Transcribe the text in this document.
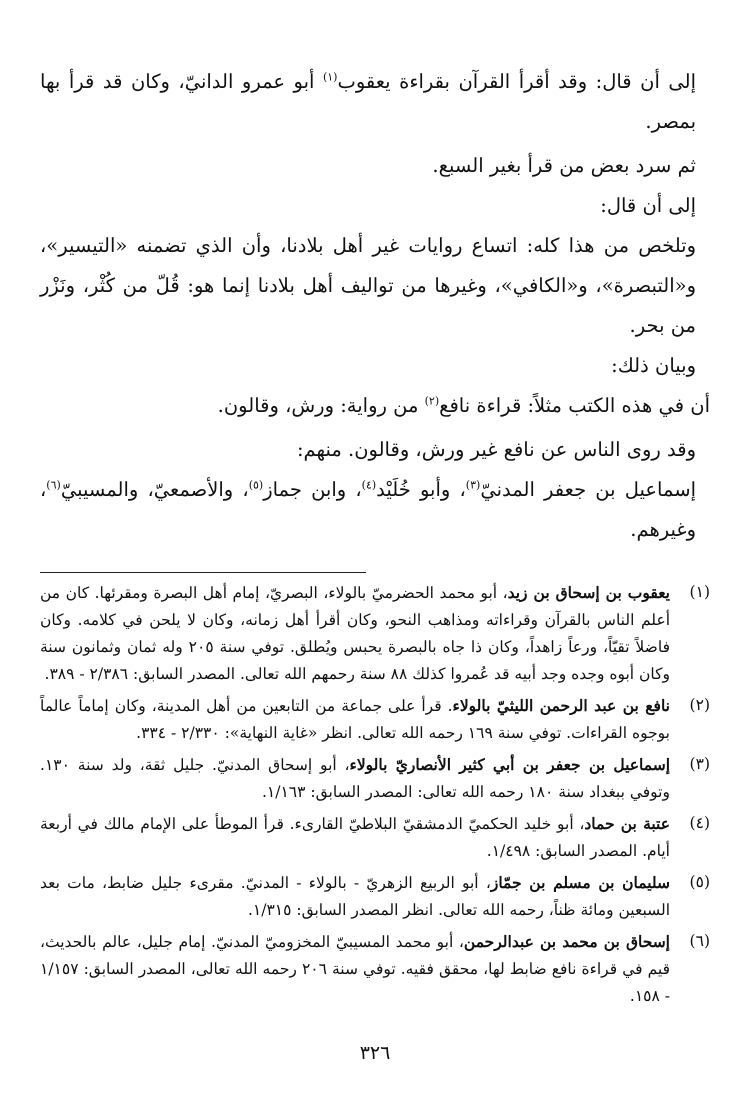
إلى أن قال: وقد أقرأ القرآن بقراءة يعقوب$^{(١)}$ أبو عمرو الدانيّ، وكان قد قرأ بها بمصر.

ثم سرد بعض من قرأ بغير السبع.

إلى أن قال:

وتلخص من هذا كله: اتساع روايات غير أهل بلادنا، وأن الذي تضمنه «التيسير»، و«التبصرة»، و«الكافي»، وغيرها من تواليف أهل بلادنا إنما هو: قُلّ من كُثْر، ونَزْر من بحر.

وبيان ذلك:

أن في هذه الكتب مثلاً: قراءة نافع$^{(٢)}$ من رواية: ورش، وقالون.

وقد روى الناس عن نافع غير ورش، وقالون. منهم:

إسماعيل بن جعفر المدنيّ$^{(٣)}$، وأبو خُلَيْد$^{(٤)}$، وابن جماز$^{(٥)}$، والأصمعيّ، والمسيبيّ$^{(٦)}$، وغيرهم.

(١)
يعقوب بن إسحاق بن زيد، أبو محمد الحضرميّ بالولاء، البصريّ، إمام أهل البصرة ومقرئها. كان من أعلم الناس بالقرآن وقراءاته ومذاهب النحو، وكان أقرأ أهل زمانه، وكان لا يلحن في كلامه. وكان فاضلاً تقيّاً، ورعاً زاهداً، وكان ذا جاه بالبصرة يحبس ويُطلق. توفي سنة ٢٠٥ وله ثمان وثمانون سنة وكان أبوه وجده وجد أبيه قد عُمروا كذلك ٨٨ سنة رحمهم الله تعالى. المصدر السابق: ٢/٣٨٦ - ٣٨٩.
(٢)
نافع بن عبد الرحمن الليثيّ بالولاء. قرأ على جماعة من التابعين من أهل المدينة، وكان إماماً عالماً بوجوه القراءات. توفي سنة ١٦٩ رحمه الله تعالى. انظر «غاية النهاية»: ٢/٣٣٠ - ٣٣٤.
(٣)
إسماعيل بن جعفر بن أبي كثير الأنصاريّ بالولاء، أبو إسحاق المدنيّ. جليل ثقة، ولد سنة ١٣٠. وتوفي ببغداد سنة ١٨٠ رحمه الله تعالى: المصدر السابق: ١/١٦٣.
(٤)
عتبة بن حماد، أبو خليد الحكميّ الدمشقيّ البلاطيّ القارىء. قرأ الموطأ على الإمام مالك في أربعة أيام. المصدر السابق: ١/٤٩٨.
(٥)
سليمان بن مسلم بن جمّاز، أبو الربيع الزهريّ - بالولاء - المدنيّ. مقرىء جليل ضابط، مات بعد السبعين ومائة ظناً، رحمه الله تعالى. انظر المصدر السابق: ١/٣١٥.
(٦)
إسحاق بن محمد بن عبدالرحمن، أبو محمد المسيبيّ المخزوميّ المدنيّ. إمام جليل، عالم بالحديث، قيم في قراءة نافع ضابط لها، محقق فقيه. توفي سنة ٢٠٦ رحمه الله تعالى، المصدر السابق: ١/١٥٧ - ١٥٨.
٣٢٦
